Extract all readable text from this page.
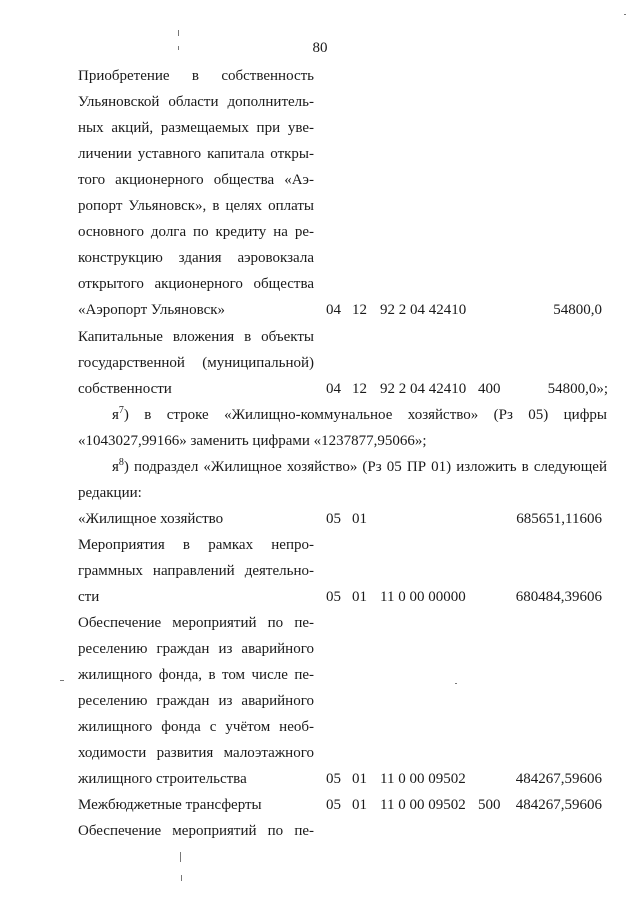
80
Приобретение в собственность
Ульяновской области дополнитель-
ных акций, размещаемых при уве-
личении уставного капитала откры-
того акционерного общества «Аэ-
ропорт Ульяновск», в целях оплаты
основного долга по кредиту на ре-
конструкцию здания аэровокзала
открытого акционерного общества
«Аэропорт Ульяновск»	04 12 92 2 04 42410	54800,0
Капитальные вложения в объекты
государственной (муниципальной)
собственности	04 12 92 2 04 42410 400	54800,0»;
$я^7$) в строке «Жилищно-коммунальное хозяйство» (Рз 05) цифры
«1043027,99166» заменить цифрами «1237877,95066»;
$я^8$) подраздел «Жилищное хозяйство» (Рз 05 ПР 01) изложить в следующей
редакции:
«Жилищное хозяйство	05 01	685651,11606
Мероприятия в рамках непро-
граммных направлений деятельно-
сти	05 01 11 0 00 00000	680484,39606
Обеспечение мероприятий по пе-
реселению граждан из аварийного
жилищного фонда, в том числе пе-
реселению граждан из аварийного
жилищного фонда с учётом необ-
ходимости развития малоэтажного
жилищного строительства	05 01 11 0 00 09502	484267,59606
Межбюджетные трансферты	05 01 11 0 00 09502 500	484267,59606
Обеспечение мероприятий по пе-
